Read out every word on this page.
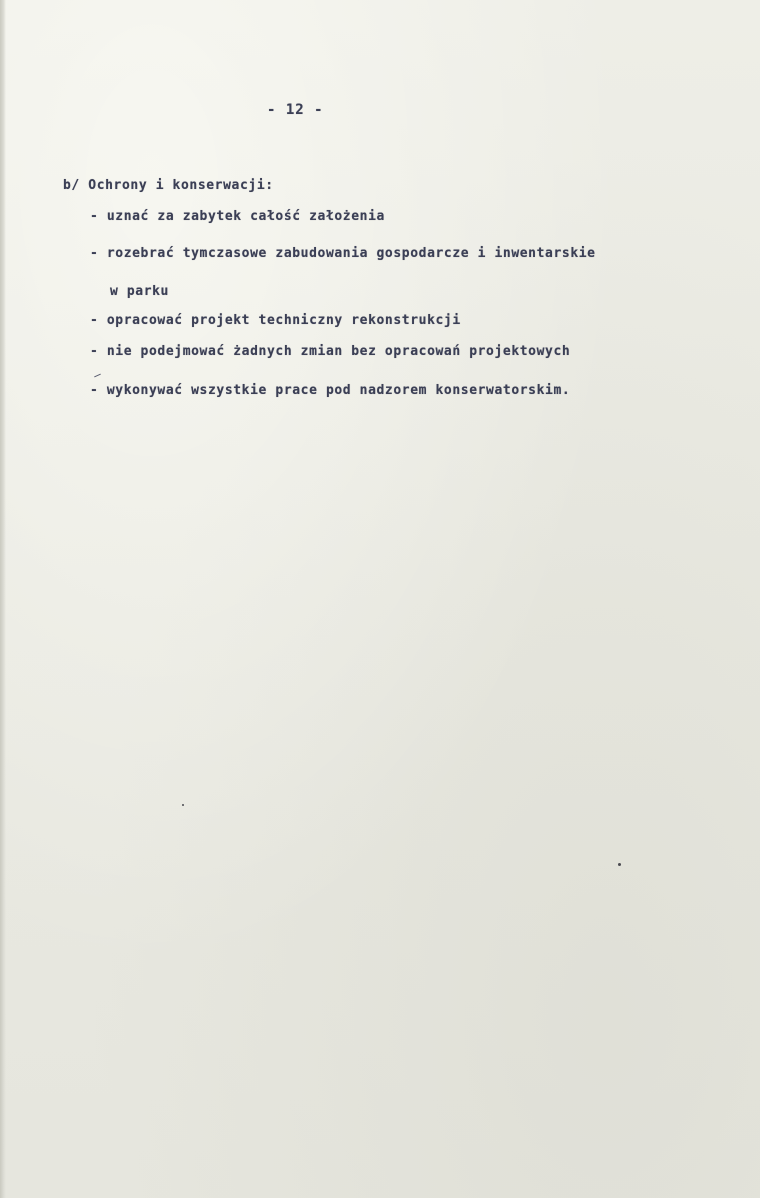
- 12 -
b/ Ochrony i konserwacji:
- uznać za zabytek całość założenia
- rozebrać tymczasowe zabudowania gospodarcze i inwentarskie
w parku
- opracować projekt techniczny rekonstrukcji
- nie podejmować żadnych zmian bez opracowań projektowych
- wykonywać wszystkie prace pod nadzorem konserwatorskim.
